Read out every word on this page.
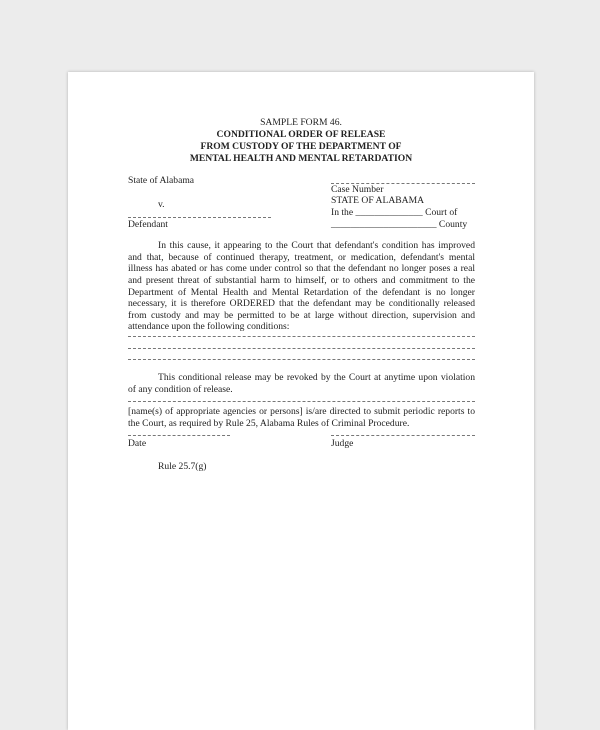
SAMPLE FORM 46.
CONDITIONAL ORDER OF RELEASE
FROM CUSTODY OF THE DEPARTMENT OF
MENTAL HEALTH AND MENTAL RETARDATION
State of Alabama
v.
Defendant
Case Number
STATE OF ALABAMA
In the ______________ Court of
______________________ County
In this cause, it appearing to the Court that defendant's condition has improved
and that, because of continued therapy, treatment, or medication, defendant's mental
illness has abated or has come under control so that the defendant no longer poses a real
and present threat of substantial harm to himself, or to others and commitment to the
Department of Mental Health and Mental Retardation of the defendant is no longer
necessary, it is therefore ORDERED that the defendant may be conditionally released
from custody and may be permitted to be at large without direction, supervision and
attendance upon the following conditions:
This conditional release may be revoked by the Court at anytime upon violation
of any condition of release.
[name(s) of appropriate agencies or persons] is/are directed to submit periodic reports to
the Court, as required by Rule 25, Alabama Rules of Criminal Procedure.
Date	Judge
Rule 25.7(g)
